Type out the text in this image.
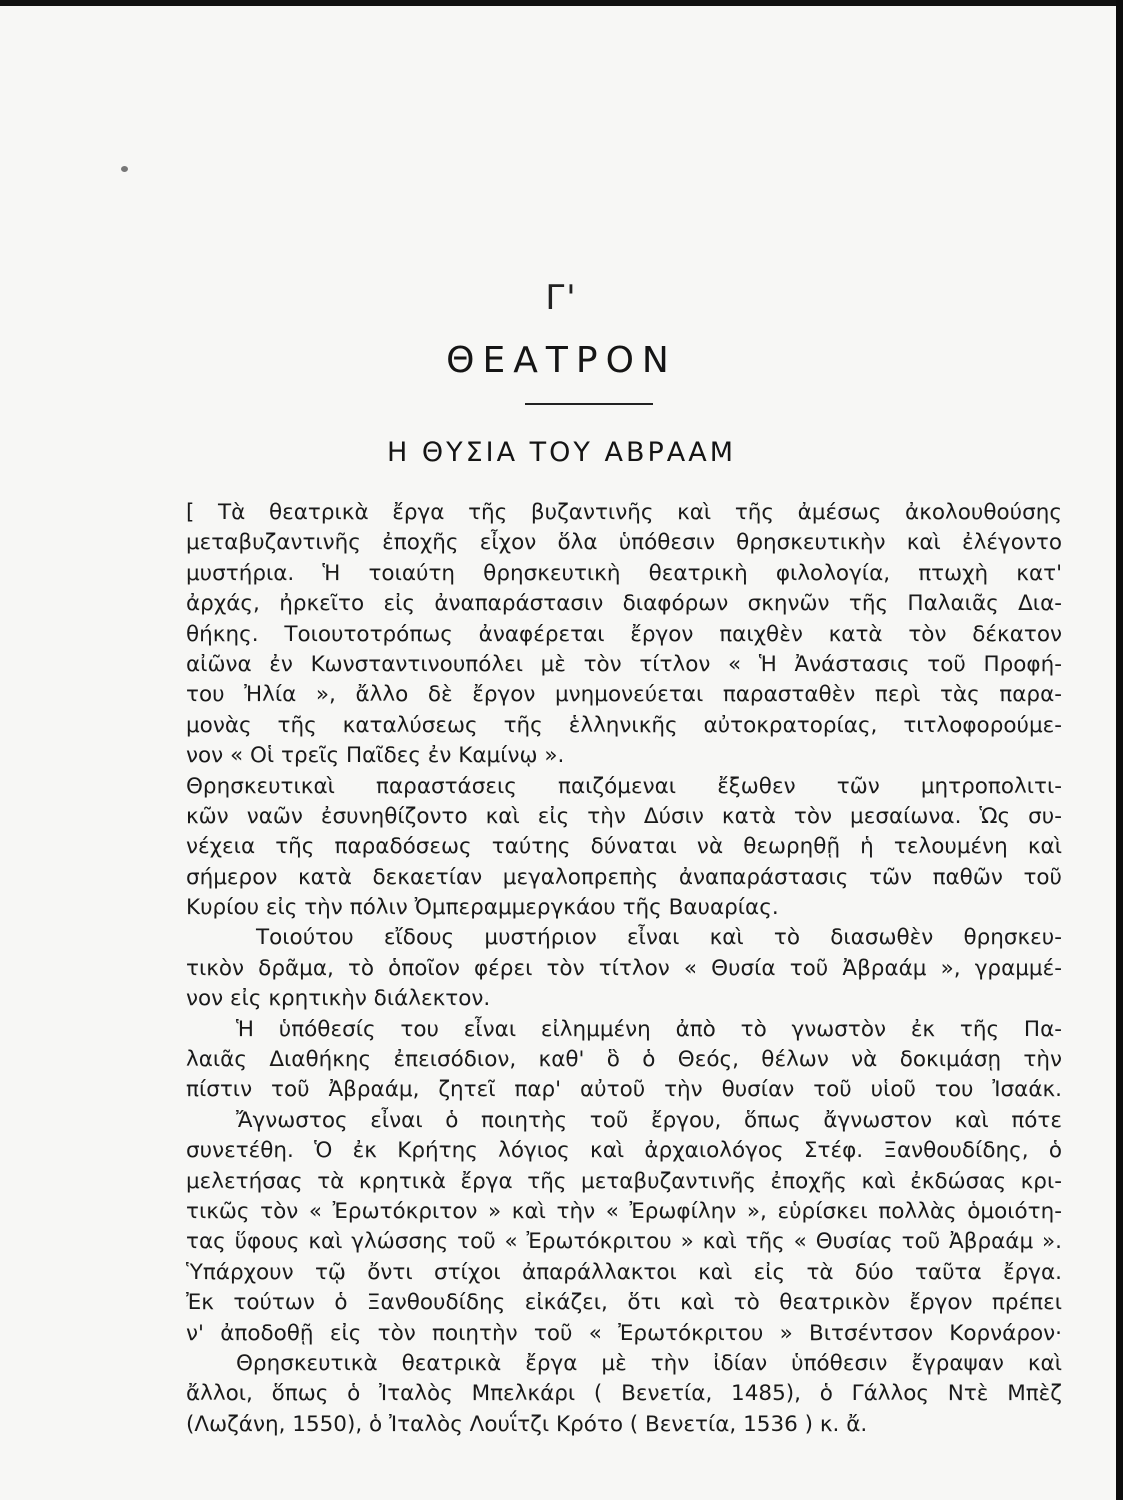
Γ'
ΘΕΑΤΡΟΝ
Η ΘΥΣΙΑ ΤΟΥ ΑΒΡΑΑΜ
[ Τὰ θεατρικὰ ἔργα τῆς βυζαντινῆς καὶ τῆς ἀμέσως ἀκολουθούσης
μεταβυζαντινῆς ἐποχῆς εἶχον ὅλα ὑπόθεσιν θρησκευτικὴν καὶ ἐλέγοντο
μυστήρια. Ἡ τοιαύτη θρησκευτικὴ θεατρικὴ φιλολογία, πτωχὴ κατ'
ἀρχάς, ἠρκεῖτο εἰς ἀναπαράστασιν διαφόρων σκηνῶν τῆς Παλαιᾶς Δια-
θήκης. Τοιουτοτρόπως ἀναφέρεται ἔργον παιχθὲν κατὰ τὸν δέκατον
αἰῶνα ἐν Κωνσταντινουπόλει μὲ τὸν τίτλον « Ἡ Ἀνάστασις τοῦ Προφή-
του Ἠλία », ἄλλο δὲ ἔργον μνημονεύεται παρασταθὲν περὶ τὰς παρα-
μονὰς τῆς καταλύσεως τῆς ἑλληνικῆς αὐτοκρατορίας, τιτλοφορούμε-
νον « Οἱ τρεῖς Παῖδες ἐν Καμίνῳ ».
Θρησκευτικαὶ παραστάσεις παιζόμεναι ἔξωθεν τῶν μητροπολιτι-
κῶν ναῶν ἐσυνηθίζοντο καὶ εἰς τὴν Δύσιν κατὰ τὸν μεσαίωνα. Ὡς συ-
νέχεια τῆς παραδόσεως ταύτης δύναται νὰ θεωρηθῇ ἡ τελουμένη καὶ
σήμερον κατὰ δεκαετίαν μεγαλοπρεπὴς ἀναπαράστασις τῶν παθῶν τοῦ
Κυρίου εἰς τὴν πόλιν Ὀμπεραμμεργκάου τῆς Βαυαρίας.
Τοιούτου εἴδους μυστήριον εἶναι καὶ τὸ διασωθὲν θρησκευ-
τικὸν δρᾶμα, τὸ ὁποῖον φέρει τὸν τίτλον « Θυσία τοῦ Ἀβραάμ », γραμμέ-
νον εἰς κρητικὴν διάλεκτον.
Ἡ ὑπόθεσίς του εἶναι εἰλημμένη ἀπὸ τὸ γνωστὸν ἐκ τῆς Πα-
λαιᾶς Διαθήκης ἐπεισόδιον, καθ' ὃ ὁ Θεός, θέλων νὰ δοκιμάσῃ τὴν
πίστιν τοῦ Ἀβραάμ, ζητεῖ παρ' αὐτοῦ τὴν θυσίαν τοῦ υἱοῦ του Ἰσαάκ.
Ἄγνωστος εἶναι ὁ ποιητὴς τοῦ ἔργου, ὅπως ἄγνωστον καὶ πότε
συνετέθη. Ὁ ἐκ Κρήτης λόγιος καὶ ἀρχαιολόγος Στέφ. Ξανθουδίδης, ὁ
μελετήσας τὰ κρητικὰ ἔργα τῆς μεταβυζαντινῆς ἐποχῆς καὶ ἐκδώσας κρι-
τικῶς τὸν « Ἐρωτόκριτον » καὶ τὴν « Ἐρωφίλην », εὑρίσκει πολλὰς ὁμοιότη-
τας ὕφους καὶ γλώσσης τοῦ « Ἐρωτόκριτου » καὶ τῆς « Θυσίας τοῦ Ἀβραάμ ».
Ὑπάρχουν τῷ ὄντι στίχοι ἀπαράλλακτοι καὶ εἰς τὰ δύο ταῦτα ἔργα.
Ἐκ τούτων ὁ Ξανθουδίδης εἰκάζει, ὅτι καὶ τὸ θεατρικὸν ἔργον πρέπει
ν' ἀποδοθῇ εἰς τὸν ποιητὴν τοῦ « Ἐρωτόκριτου » Βιτσέντσον Κορνάρον·
Θρησκευτικὰ θεατρικὰ ἔργα μὲ τὴν ἰδίαν ὑπόθεσιν ἔγραψαν καὶ
ἄλλοι, ὅπως ὁ Ἰταλὸς Μπελκάρι ( Βενετία, 1485), ὁ Γάλλος Ντὲ Μπὲζ
(Λωζάνη, 1550), ὁ Ἰταλὸς Λουΐτζι Κρότο ( Βενετία, 1536 ) κ. ἄ.
